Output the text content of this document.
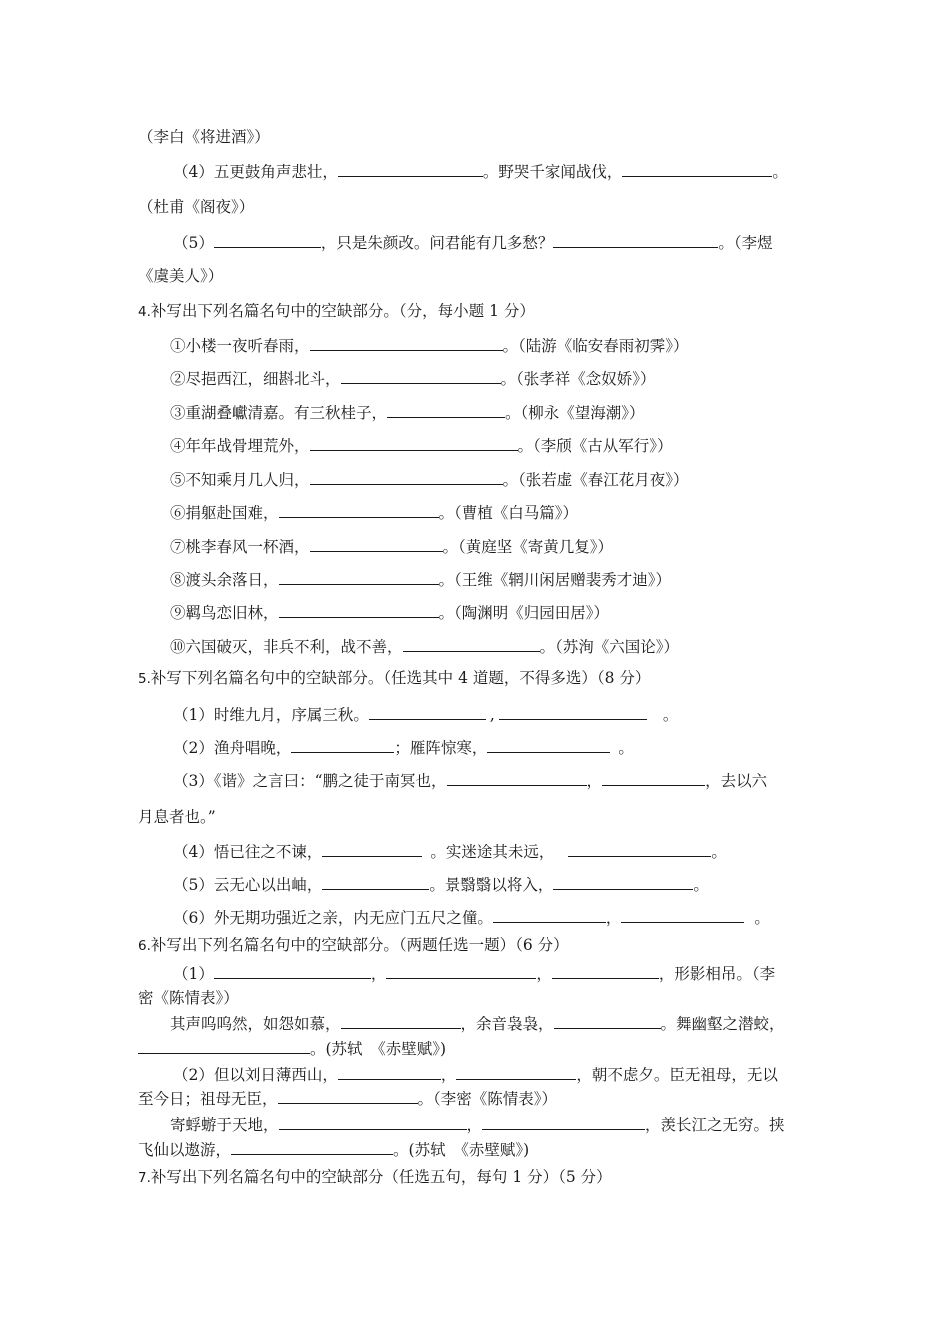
（李白《将进酒》）
（4）五更鼓角声悲壮，	。野哭千家闻战伐，	。
（杜甫《阁夜》）
（5）	，只是朱颜改。问君能有几多愁？	。（李煜
《虞美人》）
4.补写出下列名篇名句中的空缺部分。（分，每小题 1 分）
①小楼一夜听春雨，	。（陆游《临安春雨初霁》）
②尽挹西江，细斟北斗，	。（张孝祥《念奴娇》）
③重湖叠巘清嘉。有三秋桂子，	。（柳永《望海潮》）
④年年战骨埋荒外，	。（李颀《古从军行》）
⑤不知乘月几人归，	。（张若虚《春江花月夜》）
⑥捐躯赴国难，	。（曹植《白马篇》）
⑦桃李春风一杯酒，	。（黄庭坚《寄黄几复》）
⑧渡头余落日，	。（王维《辋川闲居赠裴秀才迪》）
⑨羁鸟恋旧林，	。（陶渊明《归园田居》）
⑩六国破灭，非兵不利，战不善，	。（苏洵《六国论》）
5.补写下列名篇名句中的空缺部分。（任选其中 4 道题，不得多选）（8 分）
（1）时维九月，序属三秋。	,	。
（2）渔舟唱晚，	；雁阵惊寒，	。
（3）《谐》之言曰：“鹏之徒于南冥也，	，	，去以六
月息者也。”
（4）悟已往之不谏，	。实迷途其未远，	。
（5）云无心以出岫，	。景翳翳以将入，	。
（6）外无期功强近之亲，内无应门五尺之僮。	，	。
6.补写出下列名篇名句中的空缺部分。（两题任选一题）（6 分）
（1）	，	，	，形影相吊。（李
密《陈情表》）
其声呜呜然，如怨如慕，	，余音袅袅，	。舞幽壑之潜蛟，
。(苏轼　《赤壁赋》)
（2）但以刘日薄西山，	，	，朝不虑夕。臣无祖母，无以
至今日；祖母无臣，	。（李密《陈情表》）
寄蜉蝣于天地，	，	，羡长江之无穷。挟
飞仙以遨游，	。(苏轼　《赤壁赋》)
7.补写出下列名篇名句中的空缺部分（任选五句，每句 1 分）（5 分）
